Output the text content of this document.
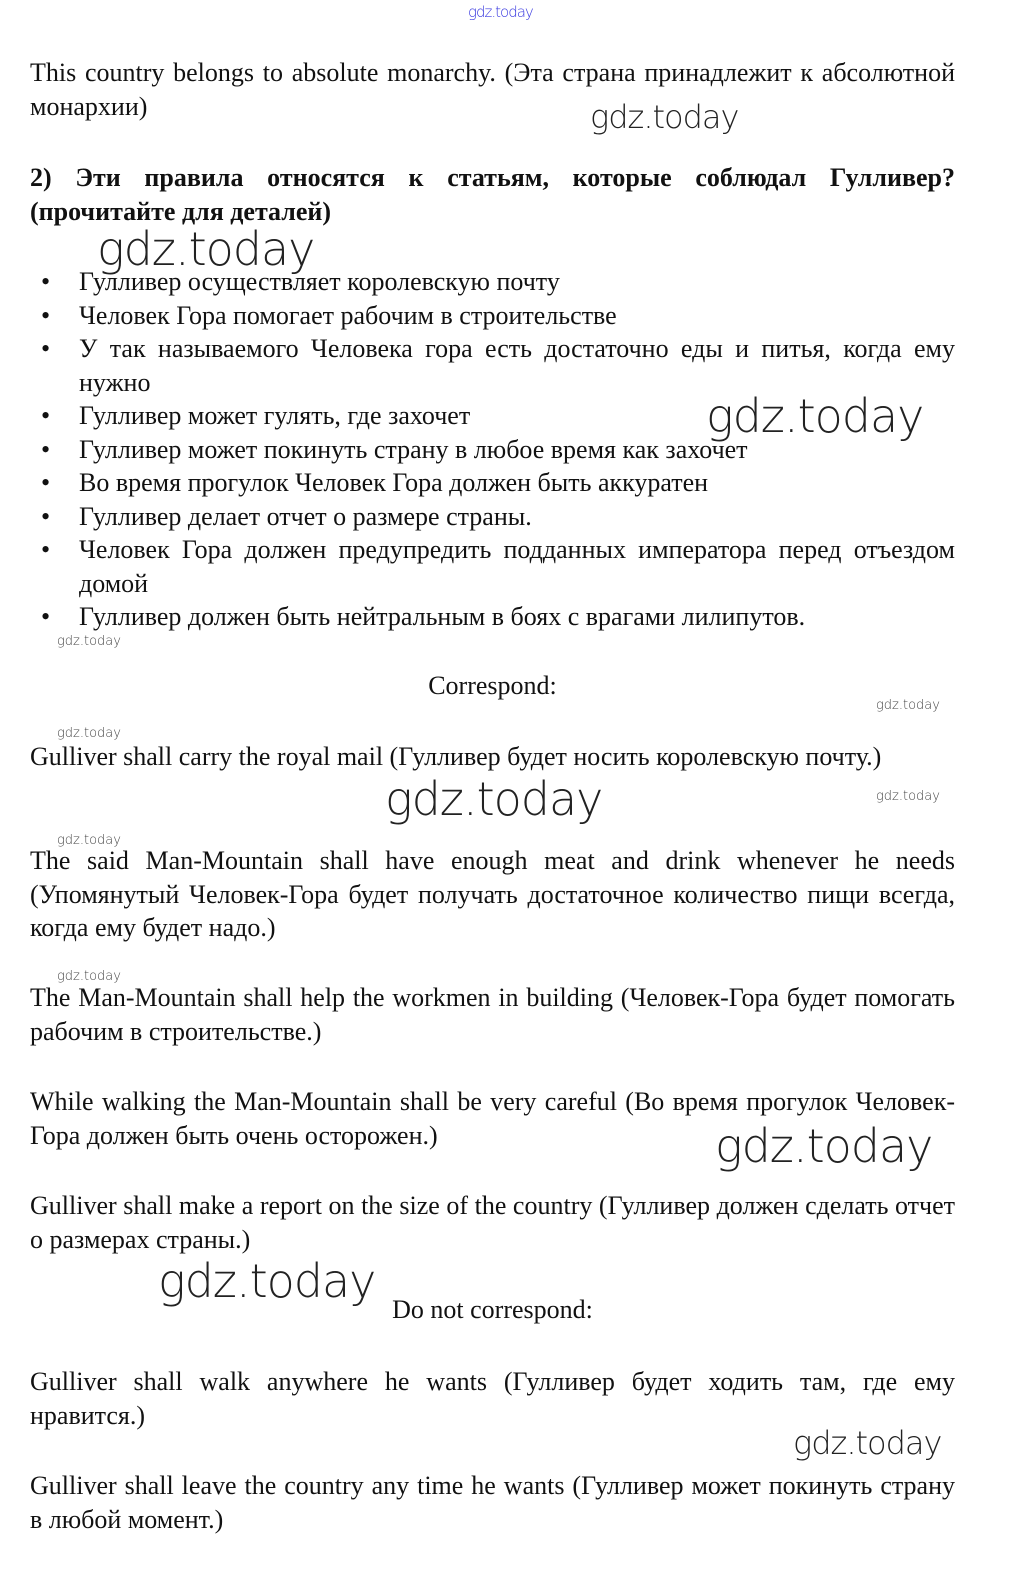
gdz.today
This country belongs to absolute monarchy. (Эта страна принадлежит к абсолютной монархии)	gdz.today
2) Эти правила относятся к статьям, которые соблюдал Гулливер? (прочитайте для деталей)
gdz.today
• Гулливер осуществляет королевскую почту
• Человек Гора помогает рабочим в строительстве
• У так называемого Человека гора есть достаточно еды и питья, когда ему нужно
• Гулливер может гулять, где захочет
• Гулливер может покинуть страну в любое время как захочет
• Во время прогулок Человек Гора должен быть аккуратен
• Гулливер делает отчет о размере страны.
• Человек Гора должен предупредить подданных императора перед отъездом домой
• Гулливер должен быть нейтральным в боях с врагами лилипутов.
gdz.today
gdz.today
Correspond:
gdz.today
gdz.today
Gulliver shall carry the royal mail (Гулливер будет носить королевскую почту.)
gdz.today	gdz.today
gdz.today
The said Man-Mountain shall have enough meat and drink whenever he needs (Упомянутый Человек-Гора будет получать достаточное количество пищи всегда, когда ему будет надо.)
gdz.today
The Man-Mountain shall help the workmen in building (Человек-Гора будет помогать рабочим в строительстве.)
While walking the Man-Mountain shall be very careful (Во время прогулок Человек-Гора должен быть очень осторожен.)	gdz.today
Gulliver shall make a report on the size of the country (Гулливер должен сделать отчет о размерах страны.)
gdz.today
Do not correspond:
Gulliver shall walk anywhere he wants (Гулливер будет ходить там, где ему нравится.)
gdz.today
Gulliver shall leave the country any time he wants (Гулливер может покинуть страну в любой момент.)
